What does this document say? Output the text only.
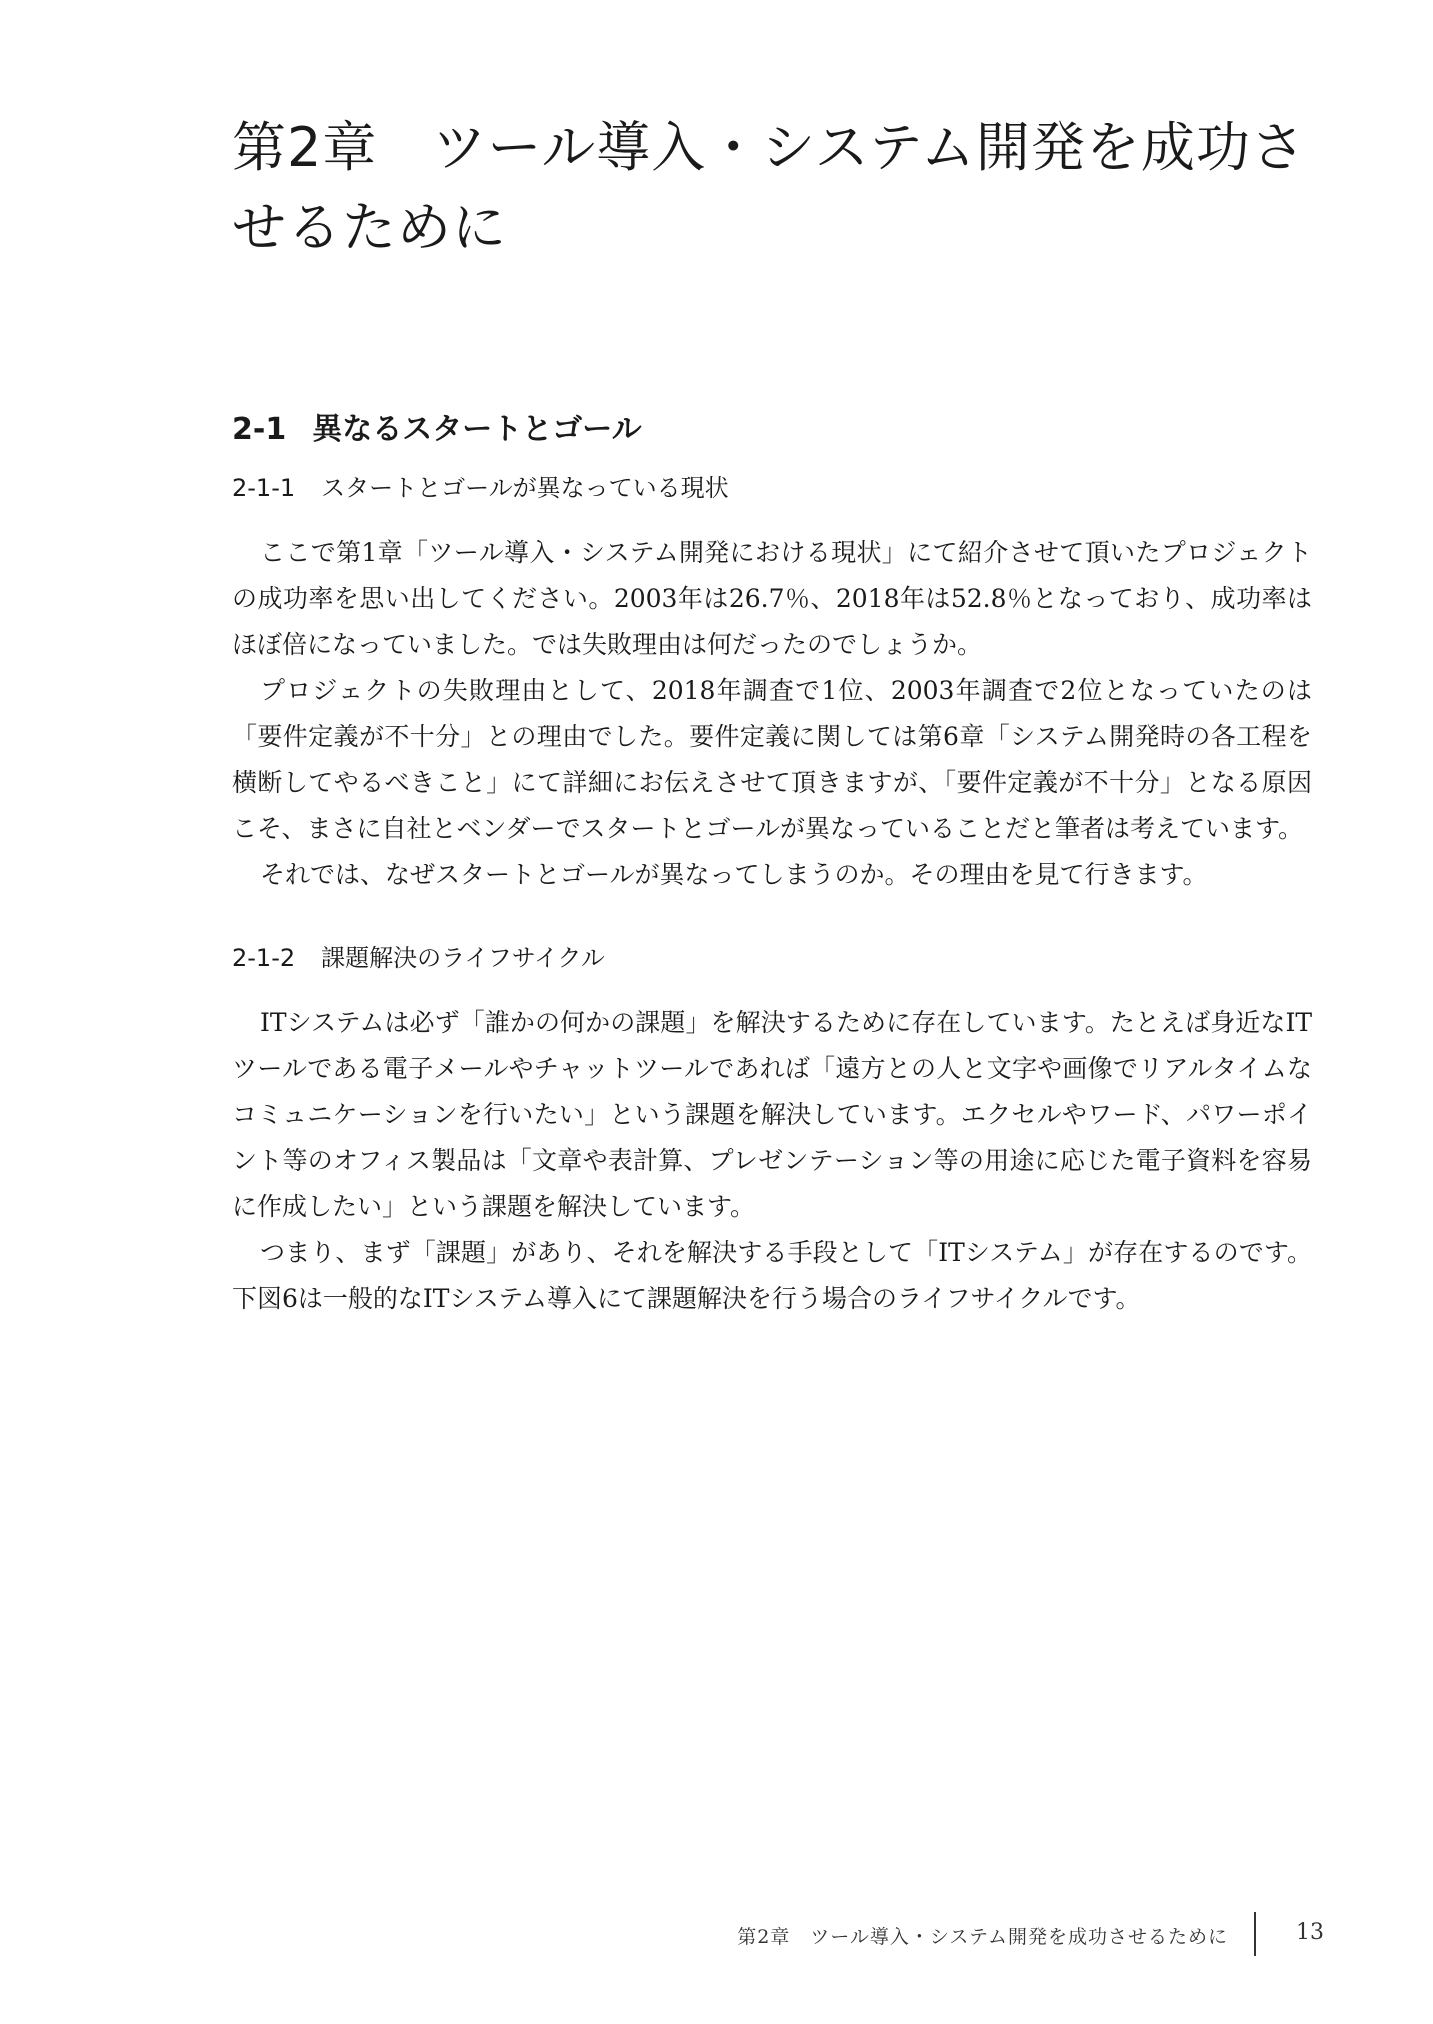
第2章　ツール導入・システム開発を成功させるために
2-1 異なるスタートとゴール
2-1-1 スタートとゴールが異なっている現状

ここで第1章「ツール導入・システム開発における現状」にて紹介させて頂いたプロジェクトの成功率を思い出してください。2003年は26.7％、2018年は52.8％となっており、成功率はほぼ倍になっていました。では失敗理由は何だったのでしょうか。

プロジェクトの失敗理由として、2018年調査で1位、2003年調査で2位となっていたのは「要件定義が不十分」との理由でした。要件定義に関しては第6章「システム開発時の各工程を横断してやるべきこと」にて詳細にお伝えさせて頂きますが、「要件定義が不十分」となる原因こそ、まさに自社とベンダーでスタートとゴールが異なっていることだと筆者は考えています。

それでは、なぜスタートとゴールが異なってしまうのか。その理由を見て行きます。

2-1-2 課題解決のライフサイクル

ITシステムは必ず「誰かの何かの課題」を解決するために存在しています。たとえば身近なITツールである電子メールやチャットツールであれば「遠方との人と文字や画像でリアルタイムなコミュニケーションを行いたい」という課題を解決しています。エクセルやワード、パワーポイント等のオフィス製品は「文章や表計算、プレゼンテーション等の用途に応じた電子資料を容易に作成したい」という課題を解決しています。

つまり、まず「課題」があり、それを解決する手段として「ITシステム」が存在するのです。下図6は一般的なITシステム導入にて課題解決を行う場合のライフサイクルです。

第2章　ツール導入・システム開発を成功させるために	13
